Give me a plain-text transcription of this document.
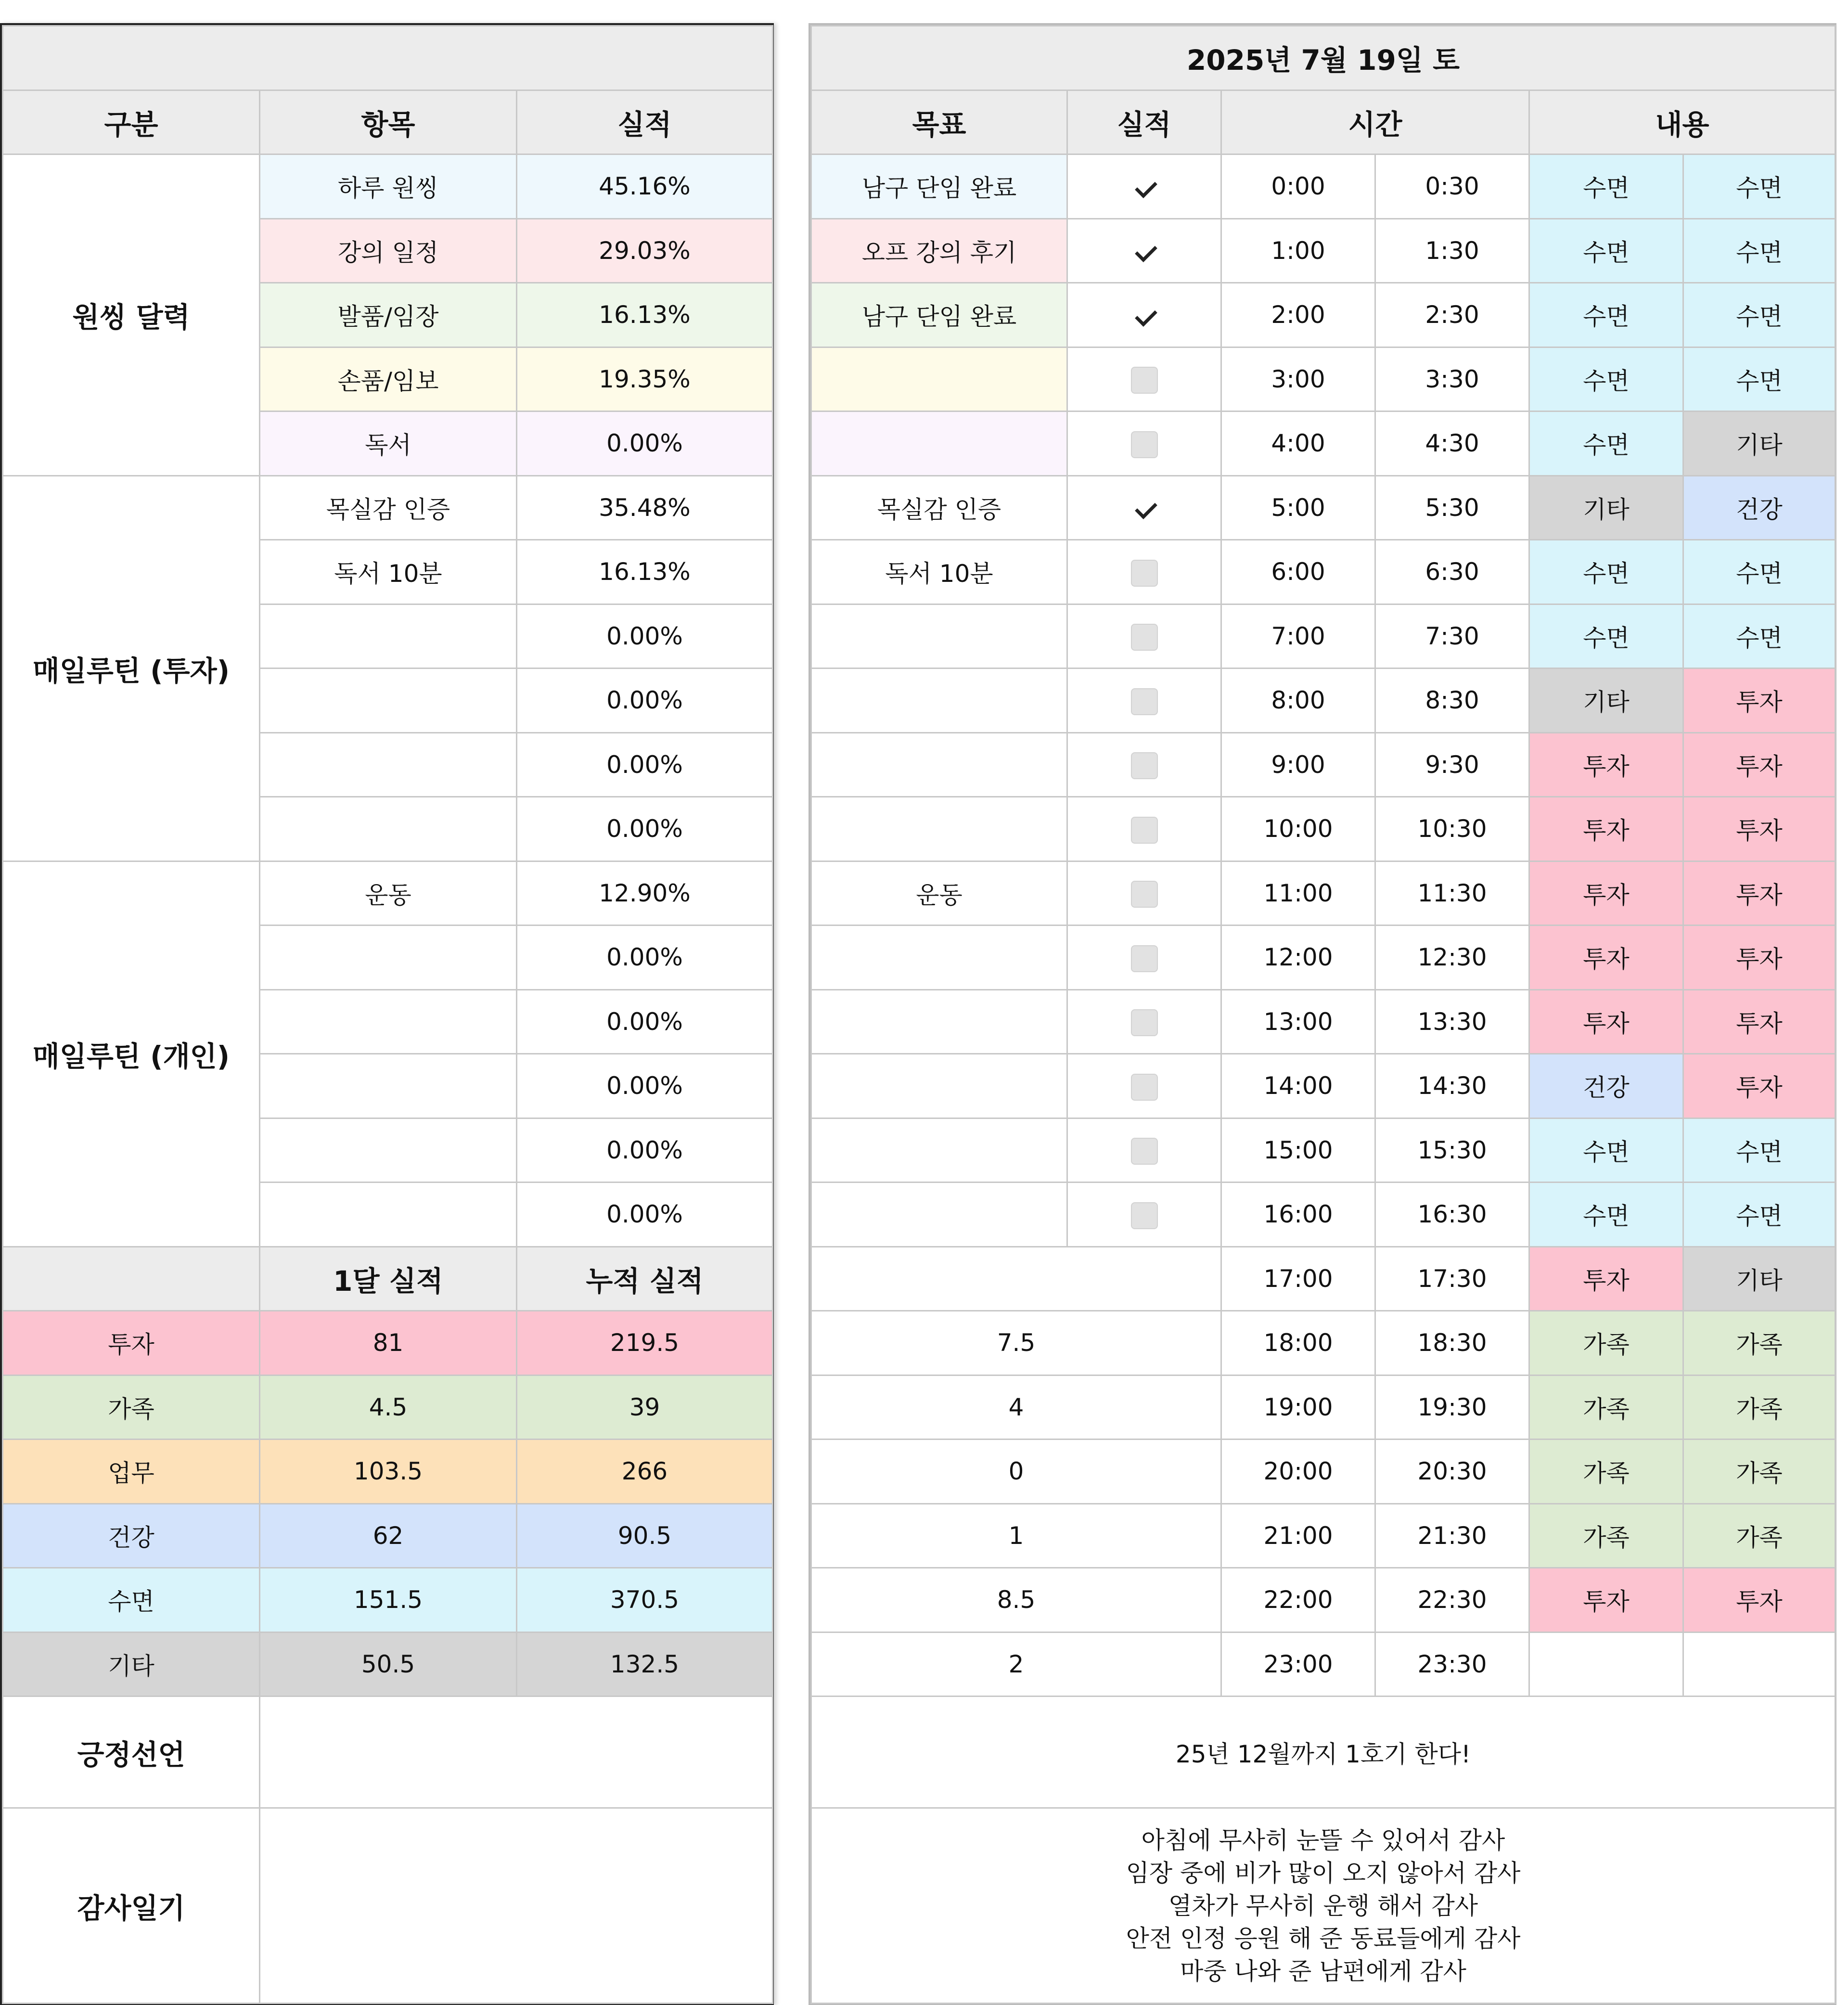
구분	항목	실적
원씽 달력	하루 원씽	45.16%
	강의 일정	29.03%
	발품/임장	16.13%
	손품/임보	19.35%
	독서	0.00%
매일루틴 (투자)	목실감 인증	35.48%
	독서 10분	16.13%
		0.00%
		0.00%
		0.00%
		0.00%
매일루틴 (개인)	운동	12.90%
		0.00%
		0.00%
		0.00%
		0.00%
		0.00%
	1달 실적	누적 실적
투자	81	219.5
가족	4.5	39
업무	103.5	266
건강	62	90.5
수면	151.5	370.5
기타	50.5	132.5
긍정선언		
감사일기		
2025년 7월 19일 토					
목표	실적	시간		내용	
남구 단임 완료		0:00	0:30	수면	수면
오프 강의 후기		1:00	1:30	수면	수면
남구 단임 완료		2:00	2:30	수면	수면
		3:00	3:30	수면	수면
		4:00	4:30	수면	기타
목실감 인증		5:00	5:30	기타	건강
독서 10분		6:00	6:30	수면	수면
		7:00	7:30	수면	수면
		8:00	8:30	기타	투자
		9:00	9:30	투자	투자
		10:00	10:30	투자	투자
운동		11:00	11:30	투자	투자
		12:00	12:30	투자	투자
		13:00	13:30	투자	투자
		14:00	14:30	건강	투자
		15:00	15:30	수면	수면
		16:00	16:30	수면	수면
		17:00	17:30	투자	기타
7.5		18:00	18:30	가족	가족
4		19:00	19:30	가족	가족
0		20:00	20:30	가족	가족
1		21:00	21:30	가족	가족
8.5		22:00	22:30	투자	투자
2		23:00	23:30		
25년 12월까지 1호기 한다!					
아침에 무사히 눈뜰 수 있어서 감사
임장 중에 비가 많이 오지 않아서 감사
열차가 무사히 운행 해서 감사
안전 인정 응원 해 준 동료들에게 감사
마중 나와 준 남편에게 감사					
